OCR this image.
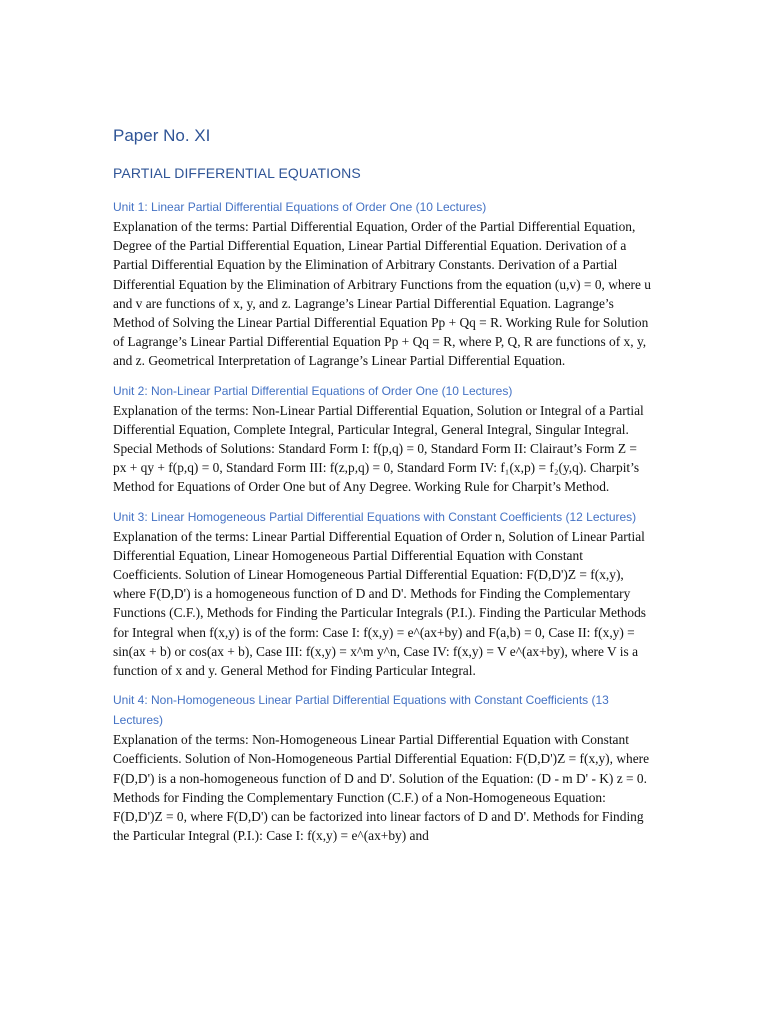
Paper No. XI
PARTIAL DIFFERENTIAL EQUATIONS
Unit 1: Linear Partial Differential Equations of Order One (10 Lectures)

Explanation of the terms: Partial Differential Equation, Order of the Partial Differential Equation, Degree of the Partial Differential Equation, Linear Partial Differential Equation. Derivation of a Partial Differential Equation by the Elimination of Arbitrary Constants. Derivation of a Partial Differential Equation by the Elimination of Arbitrary Functions from the equation (u,v) = 0, where u and v are functions of x, y, and z. Lagrange’s Linear Partial Differential Equation. Lagrange’s Method of Solving the Linear Partial Differential Equation Pp + Qq = R. Working Rule for Solution of Lagrange’s Linear Partial Differential Equation Pp + Qq = R, where P, Q, R are functions of x, y, and z. Geometrical Interpretation of Lagrange’s Linear Partial Differential Equation.

Unit 2: Non-Linear Partial Differential Equations of Order One (10 Lectures)

Explanation of the terms: Non-Linear Partial Differential Equation, Solution or Integral of a Partial Differential Equation, Complete Integral, Particular Integral, General Integral, Singular Integral. Special Methods of Solutions: Standard Form I: f(p,q) = 0, Standard Form II: Clairaut’s Form Z = px + qy + f(p,q) = 0, Standard Form III: f(z,p,q) = 0, Standard Form IV: f₁(x,p) = f₂(y,q). Charpit’s Method for Equations of Order One but of Any Degree. Working Rule for Charpit’s Method.

Unit 3: Linear Homogeneous Partial Differential Equations with Constant Coefficients (12 Lectures)

Explanation of the terms: Linear Partial Differential Equation of Order n, Solution of Linear Partial Differential Equation, Linear Homogeneous Partial Differential Equation with Constant Coefficients. Solution of Linear Homogeneous Partial Differential Equation: F(D,D')Z = f(x,y), where F(D,D') is a homogeneous function of D and D'. Methods for Finding the Complementary Functions (C.F.), Methods for Finding the Particular Integrals (P.I.). Finding the Particular Methods for Integral when f(x,y) is of the form: Case I: f(x,y) = e^(ax+by) and F(a,b) = 0, Case II: f(x,y) = sin(ax + b) or cos(ax + b), Case III: f(x,y) = x^m y^n, Case IV: f(x,y) = V e^(ax+by), where V is a function of x and y. General Method for Finding Particular Integral.

Unit 4: Non-Homogeneous Linear Partial Differential Equations with Constant Coefficients (13 Lectures)

Explanation of the terms: Non-Homogeneous Linear Partial Differential Equation with Constant Coefficients. Solution of Non-Homogeneous Partial Differential Equation: F(D,D')Z = f(x,y), where F(D,D') is a non-homogeneous function of D and D'. Solution of the Equation: (D - m D' - K) z = 0. Methods for Finding the Complementary Function (C.F.) of a Non-Homogeneous Equation: F(D,D')Z = 0, where F(D,D') can be factorized into linear factors of D and D'. Methods for Finding the Particular Integral (P.I.): Case I: f(x,y) = e^(ax+by) and
